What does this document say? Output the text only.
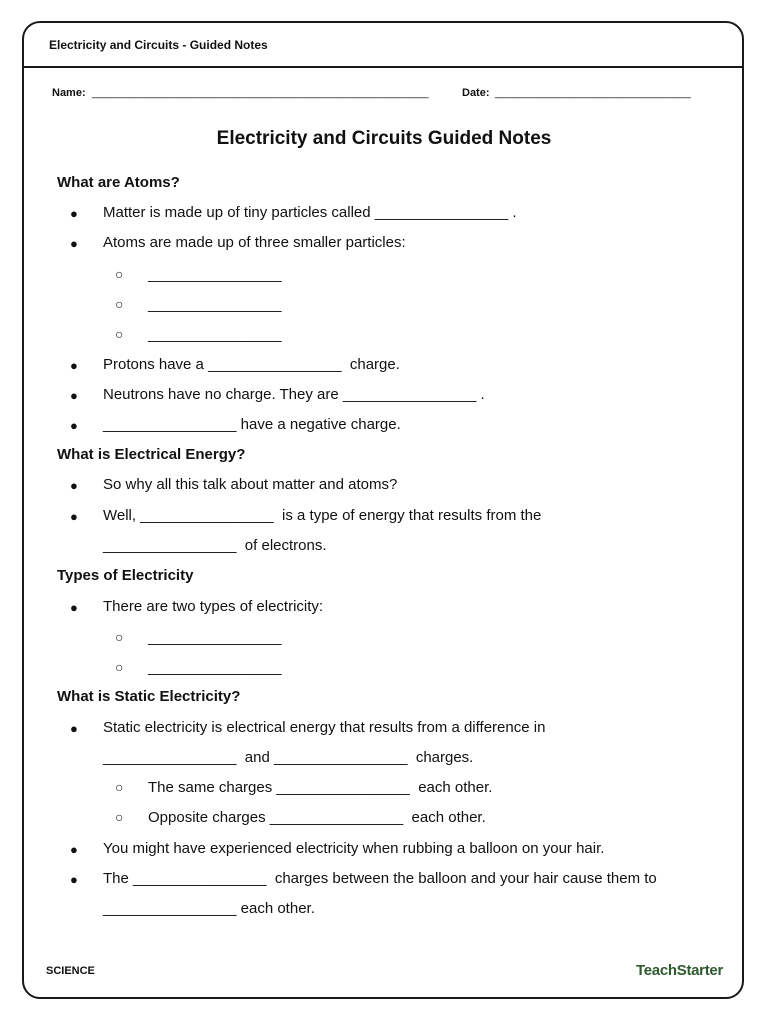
Electricity and Circuits - Guided Notes
Name: _______________________________________________________	Date: ________________________________
Electricity and Circuits Guided Notes
What are Atoms?
● Matter is made up of tiny particles called ________________ .
● Atoms are made up of three smaller particles:
○ ________________
○ ________________
○ ________________
● Protons have a ________________  charge.
● Neutrons have no charge. They are ________________ .
● ________________ have a negative charge.
What is Electrical Energy?
● So why all this talk about matter and atoms?
● Well, ________________  is a type of energy that results from the
________________  of electrons.
Types of Electricity
● There are two types of electricity:
○ ________________
○ ________________
What is Static Electricity?
● Static electricity is electrical energy that results from a difference in
________________  and ________________  charges.
○ The same charges ________________  each other.
○ Opposite charges ________________  each other.
● You might have experienced electricity when rubbing a balloon on your hair.
● The ________________  charges between the balloon and your hair cause them to
________________ each other.
SCIENCE	TeachStarter
